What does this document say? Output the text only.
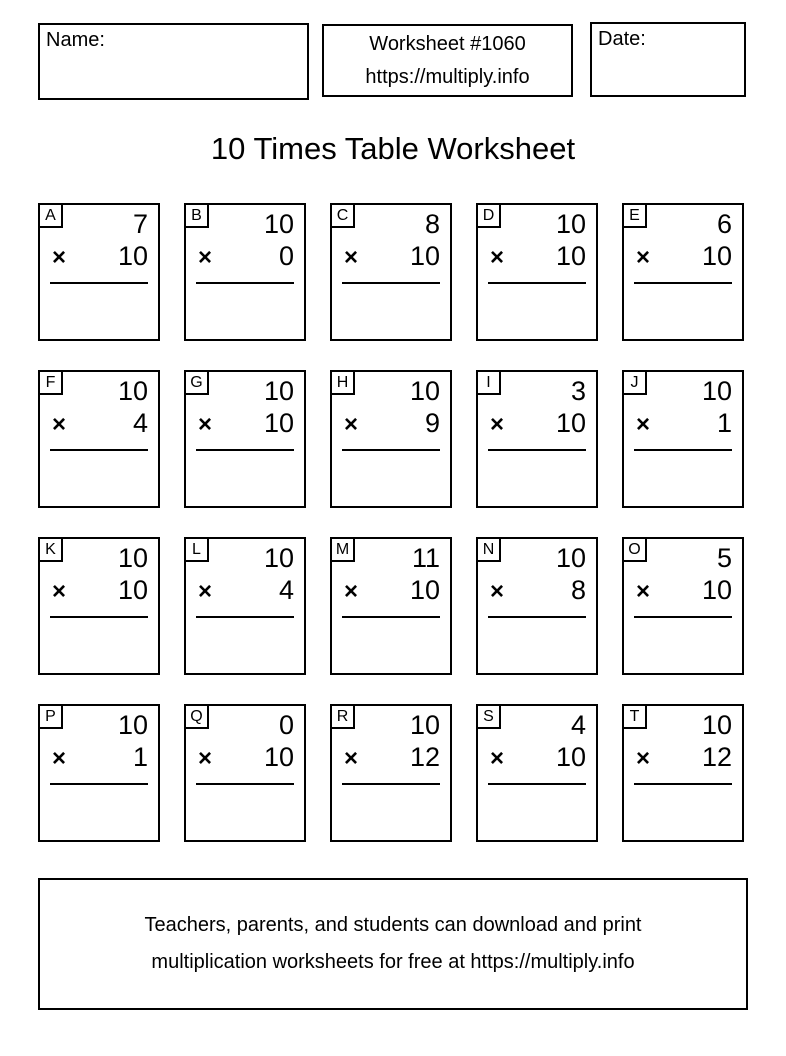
Name:	Worksheet #1060
https://multiply.info
Date:
10 Times Table Worksheet
A	7
× 10
B	10
× 0
C	8
× 10
D	10
× 10
E	6
× 10
F	10
× 4
G	10
× 10
H	10
× 9
I	3
× 10
J	10
× 1
K	10
× 10
L	10
× 4
M	11
× 10
N	10
× 8
O	5
× 10
P	10
× 1
Q	0
× 10
R	10
× 12
S	4
× 10
T	10
× 12
Teachers, parents, and students can download and print
multiplication worksheets for free at https://multiply.info
